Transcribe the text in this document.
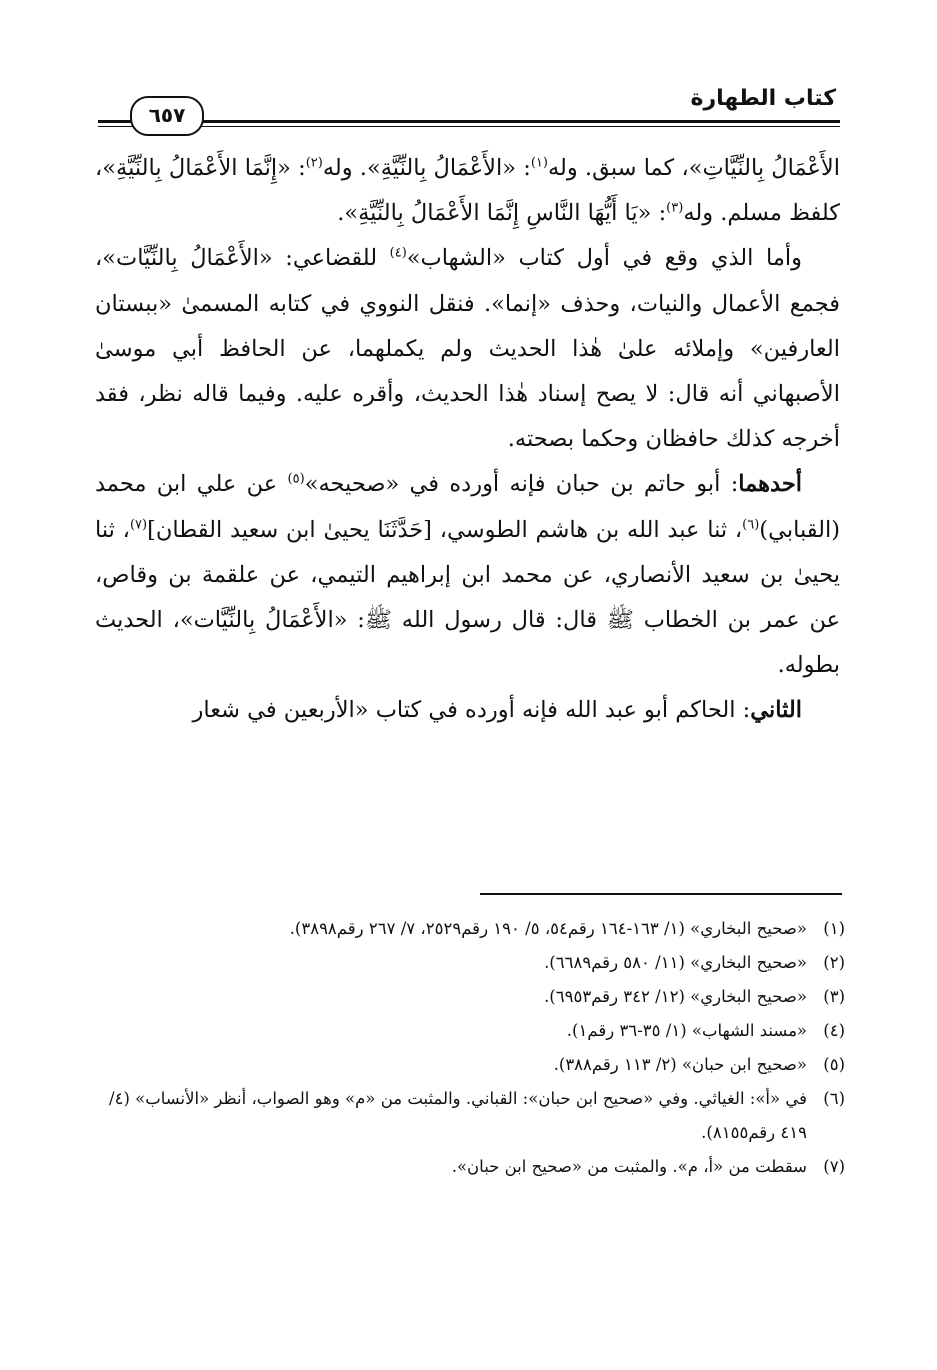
كتاب الطهارة
٦٥٧

الأَعْمَالُ بِالنِّيَّاتِ»، كما سبق. وله$^{(١)}$: «الأَعْمَالُ بِالنِّيَّةِ». وله$^{(٢)}$: «إِنَّمَا الأَعْمَالُ بِالنِّيَّةِ»، كلفظ مسلم. وله$^{(٣)}$: «يَا أَيُّهَا النَّاسِ إِنَّمَا الأَعْمَالُ بِالنِّيَّةِ».

وأما الذي وقع في أول كتاب «الشهاب»$^{(٤)}$ للقضاعي: «الأَعْمَالُ بِالنِّيَّات»، فجمع الأعمال والنيات، وحذف «إنما». فنقل النووي في كتابه المسمىٰ «ببستان العارفين» وإملائه علىٰ هٰذا الحديث ولم يكملهما، عن الحافظ أبي موسىٰ الأصبهاني أنه قال: لا يصح إسناد هٰذا الحديث، وأقره عليه. وفيما قاله نظر، فقد أخرجه كذلك حافظان وحكما بصحته.

أحدهما: أبو حاتم بن حبان فإنه أورده في «صحيحه»$^{(٥)}$ عن علي ابن محمد (القبابي)$^{(٦)}$، ثنا عبد الله بن هاشم الطوسي، [حَدَّثَنَا يحيىٰ ابن سعيد القطان]$^{(٧)}$، ثنا يحيىٰ بن سعيد الأنصاري، عن محمد ابن إبراهيم التيمي، عن علقمة بن وقاص، عن عمر بن الخطاب ﷺ قال: قال رسول الله ﷺ: «الأَعْمَالُ بِالنِّيَّات»، الحديث بطوله.

الثاني: الحاكم أبو عبد الله فإنه أورده في كتاب «الأربعين في شعار

(١)«صحيح البخاري» (١/ ١٦٣-١٦٤ رقم٥٤، ٥/ ١٩٠ رقم٢٥٢٩، ٧/ ٢٦٧ رقم٣٨٩٨).

(٢)«صحيح البخاري» (١١/ ٥٨٠ رقم٦٦٨٩).

(٣)«صحيح البخاري» (١٢/ ٣٤٢ رقم٦٩٥٣).

(٤)«مسند الشهاب» (١/ ٣٥-٣٦ رقم١).

(٥)«صحيح ابن حبان» (٢/ ١١٣ رقم٣٨٨).

(٦)في «أ»: الغياثي. وفي «صحيح ابن حبان»: القباني. والمثبت من «م» وهو الصواب، أنظر «الأنساب» (٤/ ٤١٩ رقم٨١٥٥).

(٧)سقطت من «أ، م». والمثبت من «صحيح ابن حبان».
